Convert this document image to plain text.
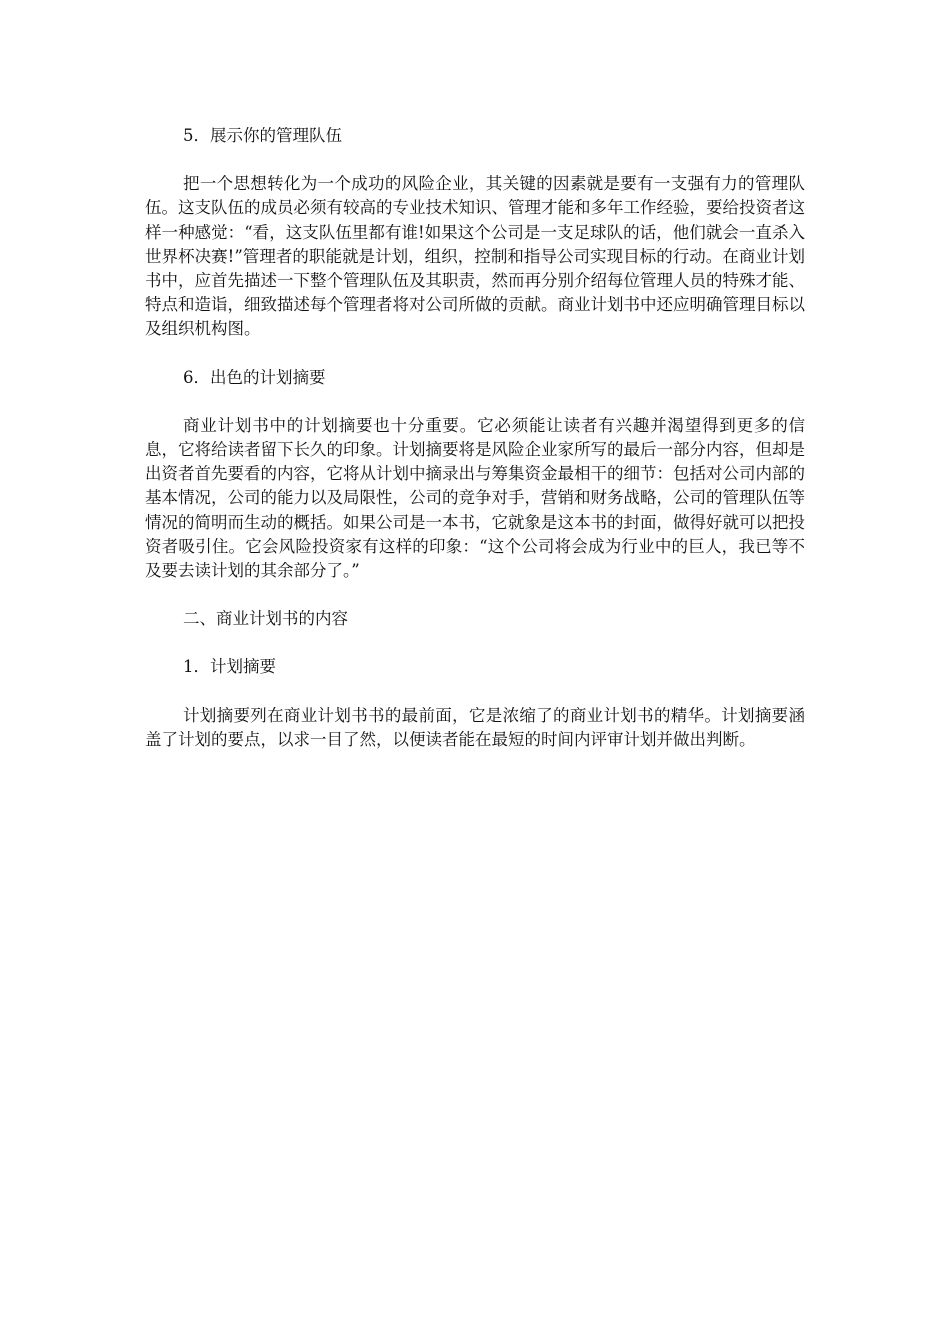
5．展示你的管理队伍

把一个思想转化为一个成功的风险企业，其关键的因素就是要有一支强有力的管理队伍。这支队伍的成员必须有较高的专业技术知识、管理才能和多年工作经验，要给投资者这样一种感觉：“看，这支队伍里都有谁!如果这个公司是一支足球队的话，他们就会一直杀入世界杯决赛!”管理者的职能就是计划，组织，控制和指导公司实现目标的行动。在商业计划书中，应首先描述一下整个管理队伍及其职责，然而再分别介绍每位管理人员的特殊才能、特点和造诣，细致描述每个管理者将对公司所做的贡献。商业计划书中还应明确管理目标以及组织机构图。

6．出色的计划摘要

商业计划书中的计划摘要也十分重要。它必须能让读者有兴趣并渴望得到更多的信息，它将给读者留下长久的印象。计划摘要将是风险企业家所写的最后一部分内容，但却是出资者首先要看的内容，它将从计划中摘录出与筹集资金最相干的细节：包括对公司内部的基本情况，公司的能力以及局限性，公司的竞争对手，营销和财务战略，公司的管理队伍等情况的简明而生动的概括。如果公司是一本书，它就象是这本书的封面，做得好就可以把投资者吸引住。它会风险投资家有这样的印象：“这个公司将会成为行业中的巨人，我已等不及要去读计划的其余部分了。”

二、商业计划书的内容

1．计划摘要

计划摘要列在商业计划书书的最前面，它是浓缩了的商业计划书的精华。计划摘要涵盖了计划的要点，以求一目了然，以便读者能在最短的时间内评审计划并做出判断。
